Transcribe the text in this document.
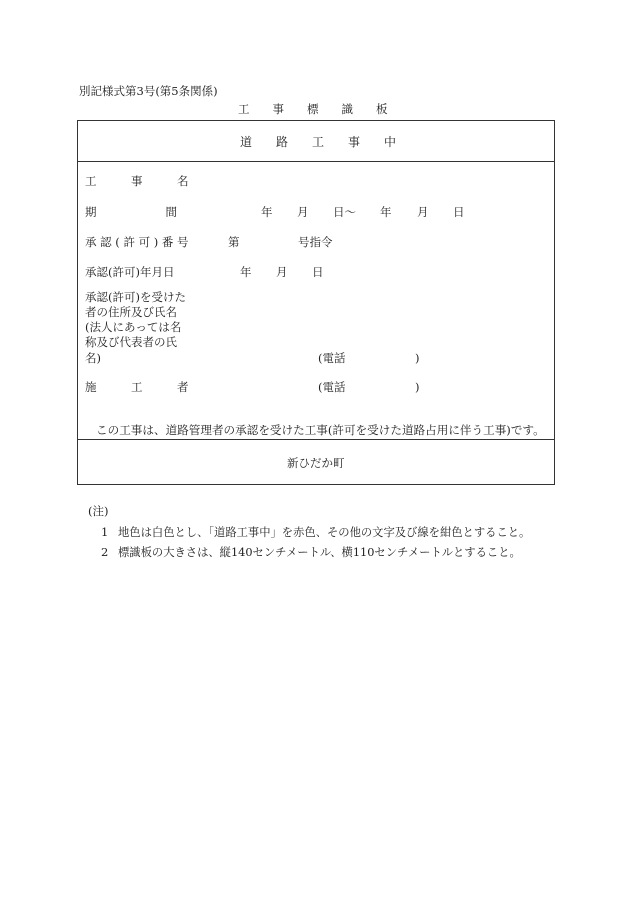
別記様式第3号(第5条関係)
工　　事　　標　　識　　板
道　　路　　工　　事　　中
工　　　事　　　名
期　　　　　　間	年 月 日〜 年 月 日
承 認 ( 許 可 ) 番 号	第	号指令
承認(許可)年月日	年 月 日
承認(許可)を受けた
者の住所及び氏名
(法人にあっては名
称及び代表者の氏
名)	(電話	)
施　　　工　　　者	(電話	)
この工事は、道路管理者の承認を受けた工事(許可を受けた道路占用に伴う工事)です。
新ひだか町
(注)
1 地色は白色とし、「道路工事中」を赤色、その他の文字及び線を紺色とすること。
2 標識板の大きさは、縦140センチメートル、横110センチメートルとすること。
